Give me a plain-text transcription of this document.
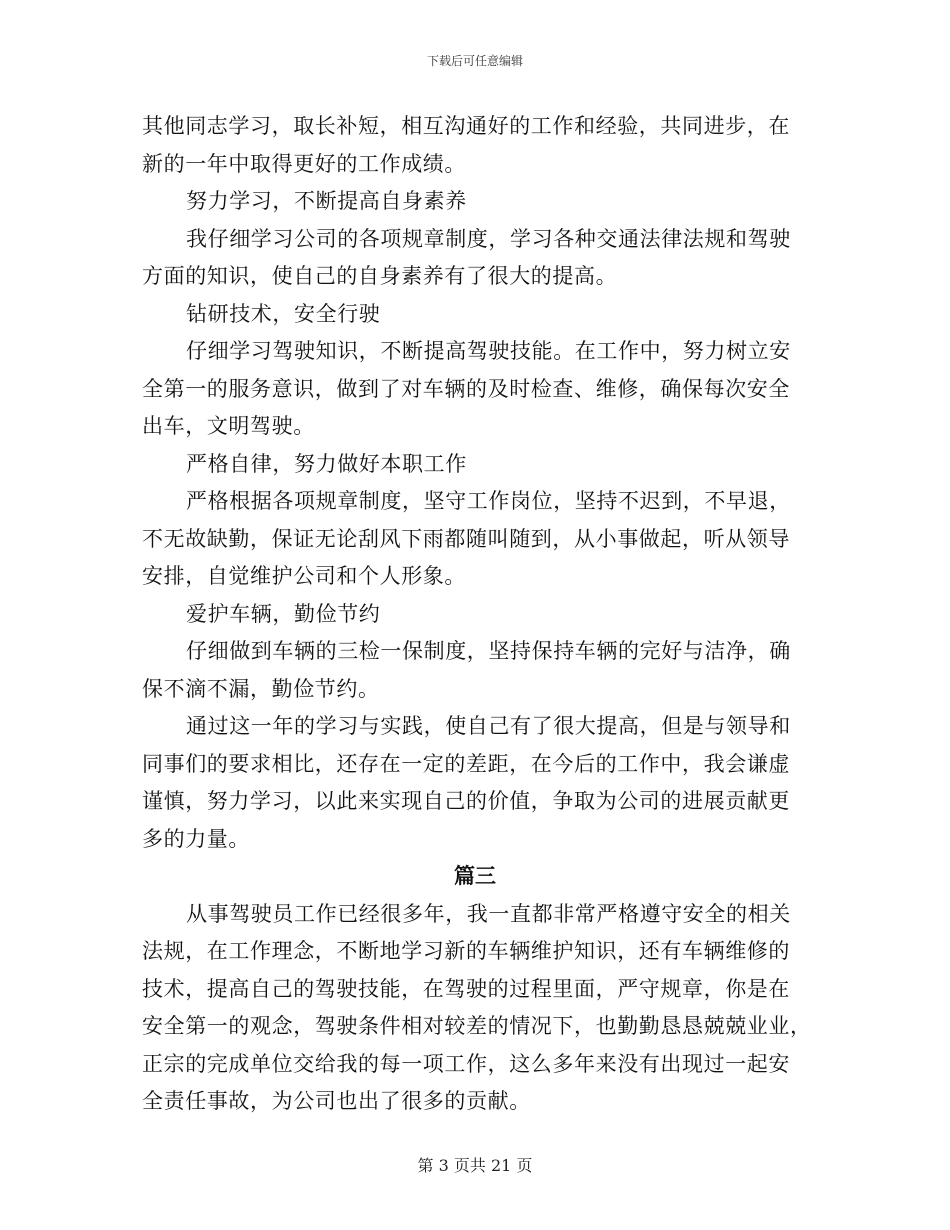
下载后可任意编辑
其他同志学习，取长补短，相互沟通好的工作和经验，共同进步，在
新的一年中取得更好的工作成绩。
努力学习，不断提高自身素养
我仔细学习公司的各项规章制度，学习各种交通法律法规和驾驶
方面的知识，使自己的自身素养有了很大的提高。
钻研技术，安全行驶
仔细学习驾驶知识，不断提高驾驶技能。在工作中，努力树立安
全第一的服务意识，做到了对车辆的及时检查、维修，确保每次安全
出车，文明驾驶。
严格自律，努力做好本职工作
严格根据各项规章制度，坚守工作岗位，坚持不迟到，不早退，
不无故缺勤，保证无论刮风下雨都随叫随到，从小事做起，听从领导
安排，自觉维护公司和个人形象。
爱护车辆，勤俭节约
仔细做到车辆的三检一保制度，坚持保持车辆的完好与洁净，确
保不滴不漏，勤俭节约。
通过这一年的学习与实践，使自己有了很大提高，但是与领导和
同事们的要求相比，还存在一定的差距，在今后的工作中，我会谦虚
谨慎，努力学习，以此来实现自己的价值，争取为公司的进展贡献更
多的力量。
篇三
从事驾驶员工作已经很多年，我一直都非常严格遵守安全的相关
法规，在工作理念，不断地学习新的车辆维护知识，还有车辆维修的
技术，提高自己的驾驶技能，在驾驶的过程里面，严守规章，你是在
安全第一的观念，驾驶条件相对较差的情况下，也勤勤恳恳兢兢业业，
正宗的完成单位交给我的每一项工作，这么多年来没有出现过一起安
全责任事故，为公司也出了很多的贡献。
第 3 页共 21 页
